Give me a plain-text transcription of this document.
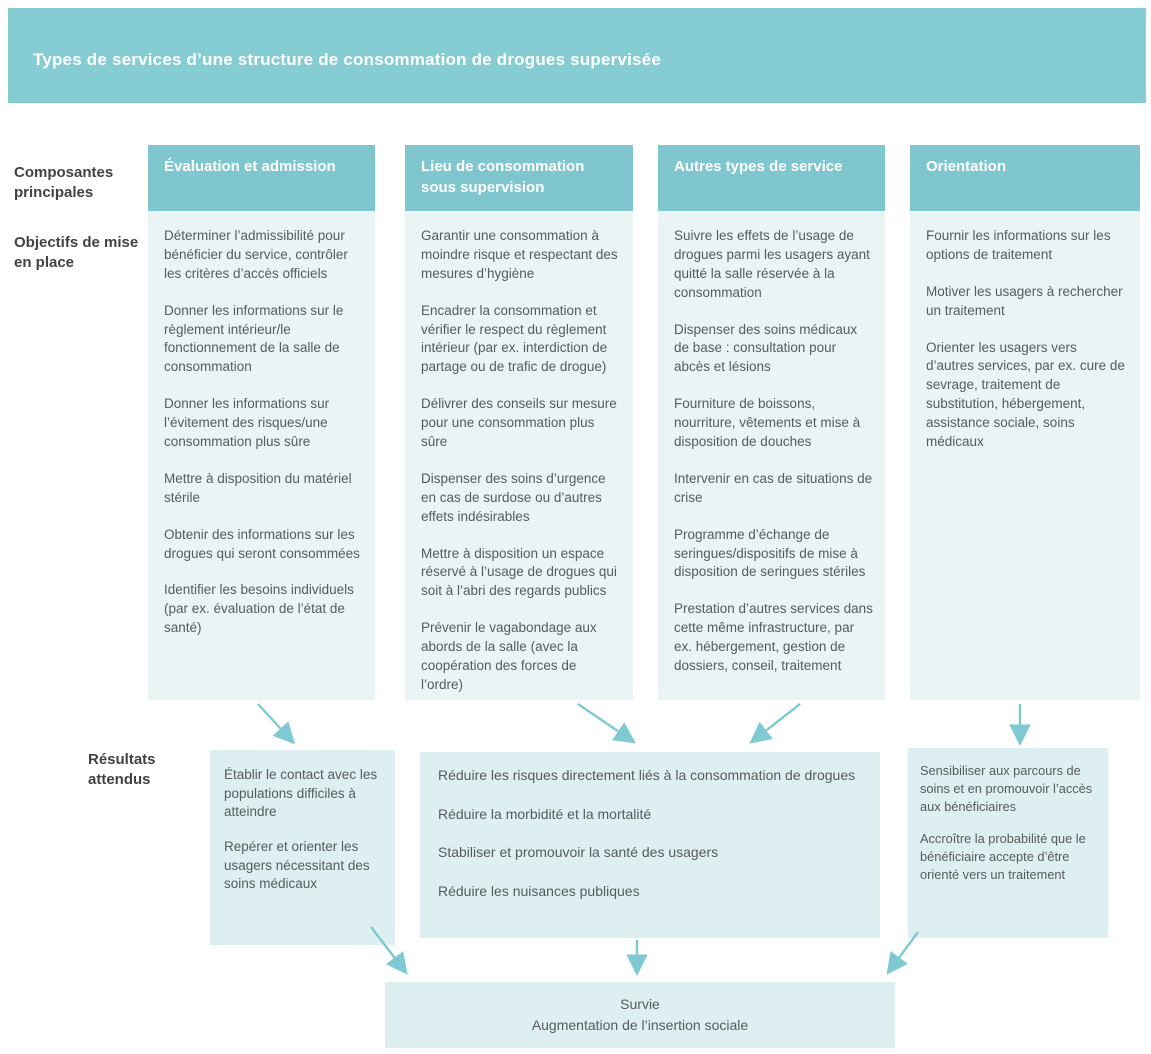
Types de services d’une structure de consommation de drogues supervisée
Composantes principales
Objectifs de mise en place
Résultats attendus
Évaluation et admission

Déterminer l’admissibilité pour bénéficier du service, contrôler les critères d’accès officiels

Donner les informations sur le règlement intérieur/le fonctionnement de la salle de consommation

Donner les informations sur l’évitement des risques/une consommation plus sûre

Mettre à disposition du matériel stérile

Obtenir des informations sur les drogues qui seront consommées

Identifier les besoins individuels (par ex. évaluation de l’état de santé)

Lieu de consommation sous supervision

Garantir une consommation à moindre risque et respectant des mesures d’hygiène

Encadrer la consommation et vérifier le respect du règlement intérieur (par ex. interdiction de partage ou de trafic de drogue)

Délivrer des conseils sur mesure pour une consommation plus sûre

Dispenser des soins d’urgence en cas de surdose ou d’autres effets indésirables

Mettre à disposition un espace réservé à l’usage de drogues qui soit à l’abri des regards publics

Prévenir le vagabondage aux abords de la salle (avec la coopération des forces de l’ordre)

Autres types de service

Suivre les effets de l’usage de drogues parmi les usagers ayant quitté la salle réservée à la consommation

Dispenser des soins médicaux de base : consultation pour abcès et lésions

Fourniture de boissons, nourriture, vêtements et mise à disposition de douches

Intervenir en cas de situations de crise

Programme d’échange de seringues/dispositifs de mise à disposition de seringues stériles

Prestation d’autres services dans cette même infrastructure, par ex. hébergement, gestion de dossiers, conseil, traitement

Orientation

Fournir les informations sur les options de traitement

Motiver les usagers à rechercher un traitement

Orienter les usagers vers d’autres services, par ex. cure de sevrage, traitement de substitution, hébergement, assistance sociale, soins médicaux

Établir le contact avec les populations difficiles à atteindre

Repérer et orienter les usagers nécessitant des soins médicaux

Réduire les risques directement liés à la consommation de drogues

Réduire la morbidité et la mortalité

Stabiliser et promouvoir la santé des usagers

Réduire les nuisances publiques

Sensibiliser aux parcours de soins et en promouvoir l’accès aux bénéficiaires

Accroître la probabilité que le bénéficiaire accepte d’être orienté vers un traitement

Survie

Augmentation de l’insertion sociale
